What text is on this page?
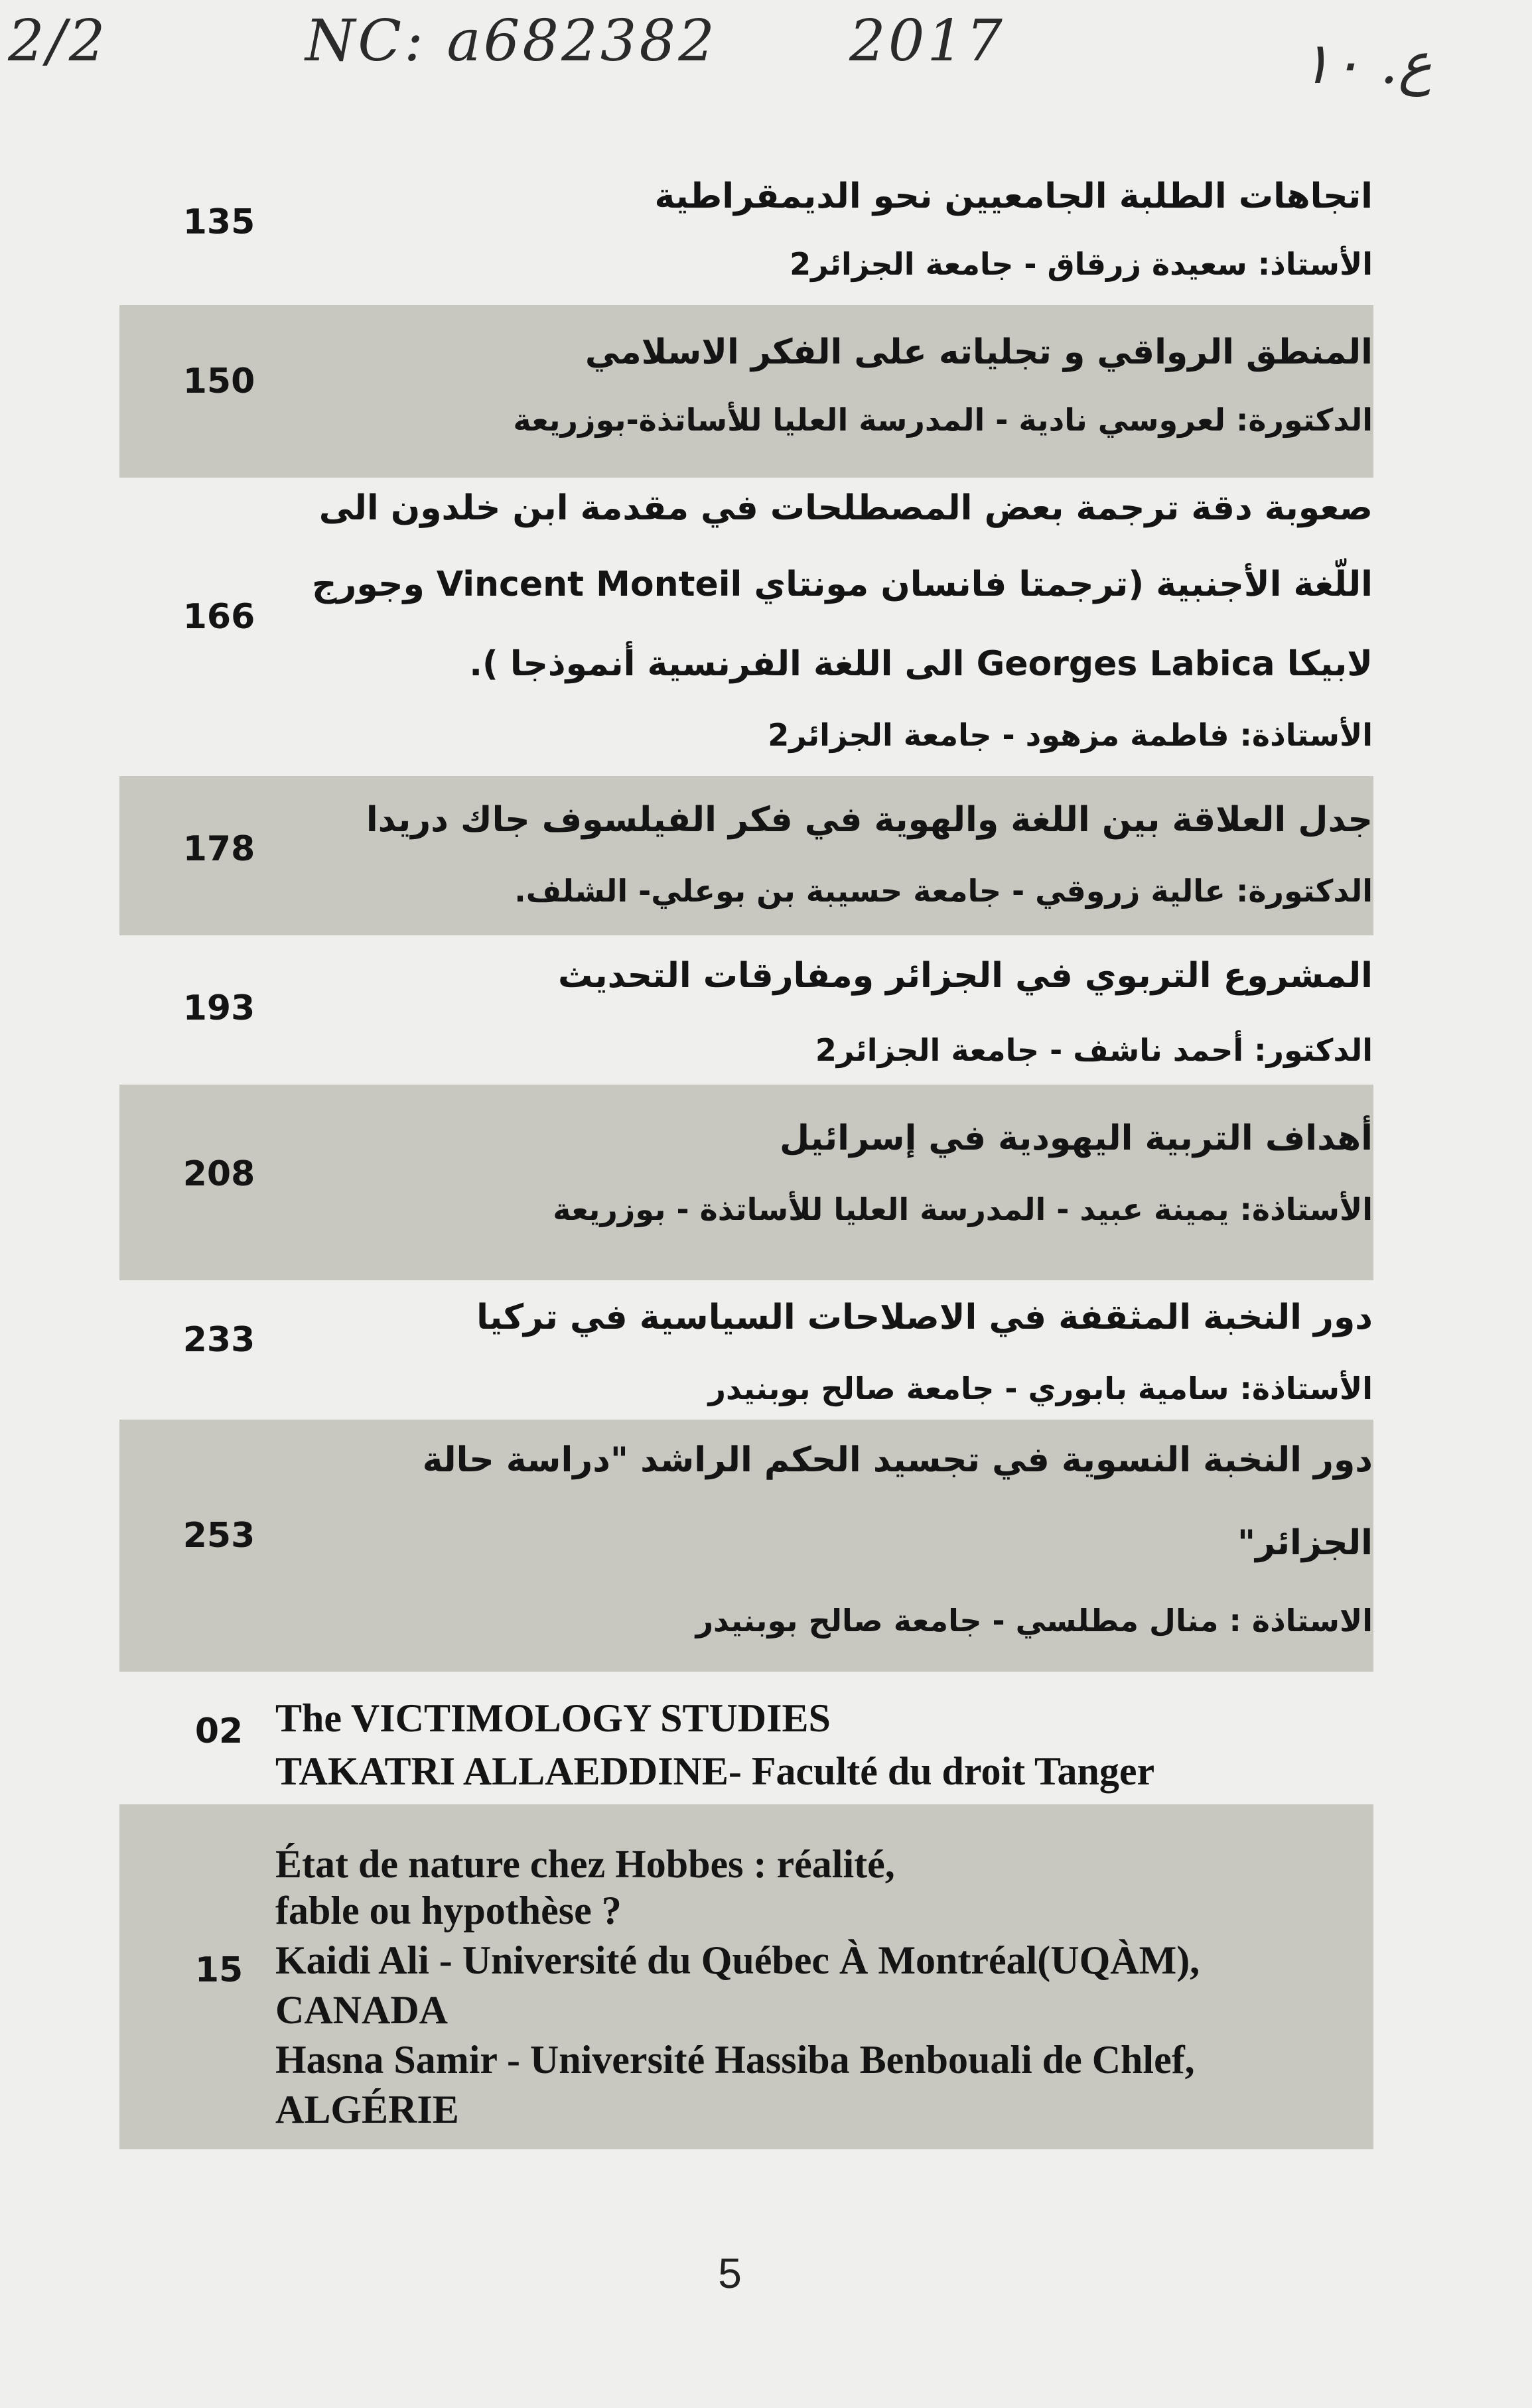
2/2	NC: a682382 2017	ع. ١٠
135
اتجاهات الطلبة الجامعيين نحو الديمقراطية
الأستاذ: سعيدة زرقاق - جامعة الجزائر2
150
المنطق الرواقي و تجلياته على الفكر الاسلامي
الدكتورة: لعروسي نادية - المدرسة العليا للأساتذة-بوزريعة
166
صعوبة دقة ترجمة بعض المصطلحات في مقدمة ابن خلدون الى
اللّغة الأجنبية (ترجمتا فانسان مونتاي Vincent Monteil وجورج
لابيكا Georges Labica الى اللغة الفرنسية أنموذجا ).
الأستاذة: فاطمة مزهود - جامعة الجزائر2
178
جدل العلاقة بين اللغة والهوية في فكر الفيلسوف جاك دريدا
الدكتورة: عالية زروقي - جامعة حسيبة بن بوعلي- الشلف.
193
المشروع التربوي في الجزائر ومفارقات التحديث
الدكتور: أحمد ناشف - جامعة الجزائر2
208
أهداف التربية اليهودية في إسرائيل
الأستاذة: يمينة عبيد - المدرسة العليا للأساتذة - بوزريعة
233
دور النخبة المثقفة في الاصلاحات السياسية في تركيا
الأستاذة: سامية بابوري - جامعة صالح بوبنيدر
253
دور النخبة النسوية في تجسيد الحكم الراشد "دراسة حالة
الجزائر"
الاستاذة : منال مطلسي - جامعة صالح بوبنيدر
02 The VICTIMOLOGY STUDIES
TAKATRI ALLAEDDINE- Faculté du droit Tanger
15
État de nature chez Hobbes : réalité,
fable ou hypothèse ?
Kaidi Ali - Université du Québec À Montréal(UQÀM),
CANADA
Hasna Samir - Université Hassiba Benbouali de Chlef,
ALGÉRIE
5
